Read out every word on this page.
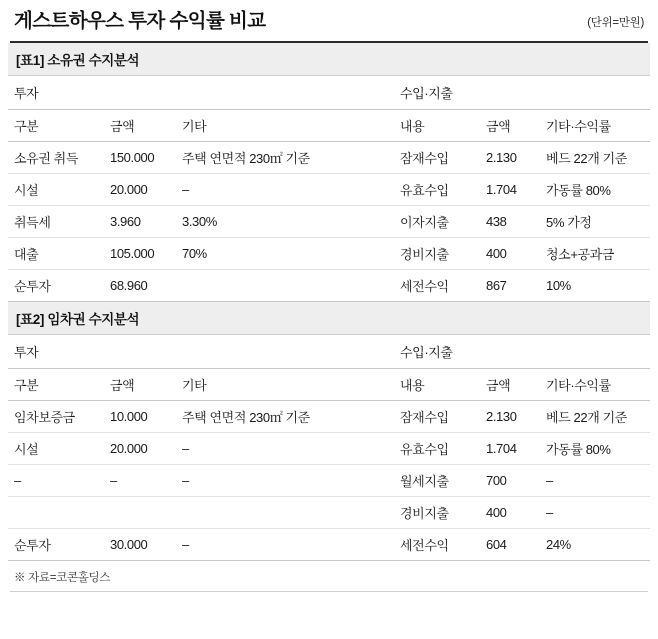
게스트하우스 투자 수익률 비교	(단위=만원)
[표1] 소유권 수지분석
투자			수입·지출		
구분	금액	기타	내용	금액	기타·수익률
소유권 취득	150.000	주택 연면적 230㎡ 기준	잠재수입	2.130	베드 22개 기준
시설	20.000	–	유효수입	1.704	가동률 80%
취득세	3.960	3.30%	이자지출	438	5% 가정
대출	105.000	70%	경비지출	400	청소+공과금
순투자	68.960		세전수익	867	10%
[표2] 임차권 수지분석
투자			수입·지출		
구분	금액	기타	내용	금액	기타·수익률
임차보증금	10.000	주택 연면적 230㎡ 기준	잠재수입	2.130	베드 22개 기준
시설	20.000	–	유효수입	1.704	가동률 80%
–	–	–	월세지출	700	–
			경비지출	400	–
순투자	30.000	–	세전수익	604	24%
※ 자료=코콘홀딩스
